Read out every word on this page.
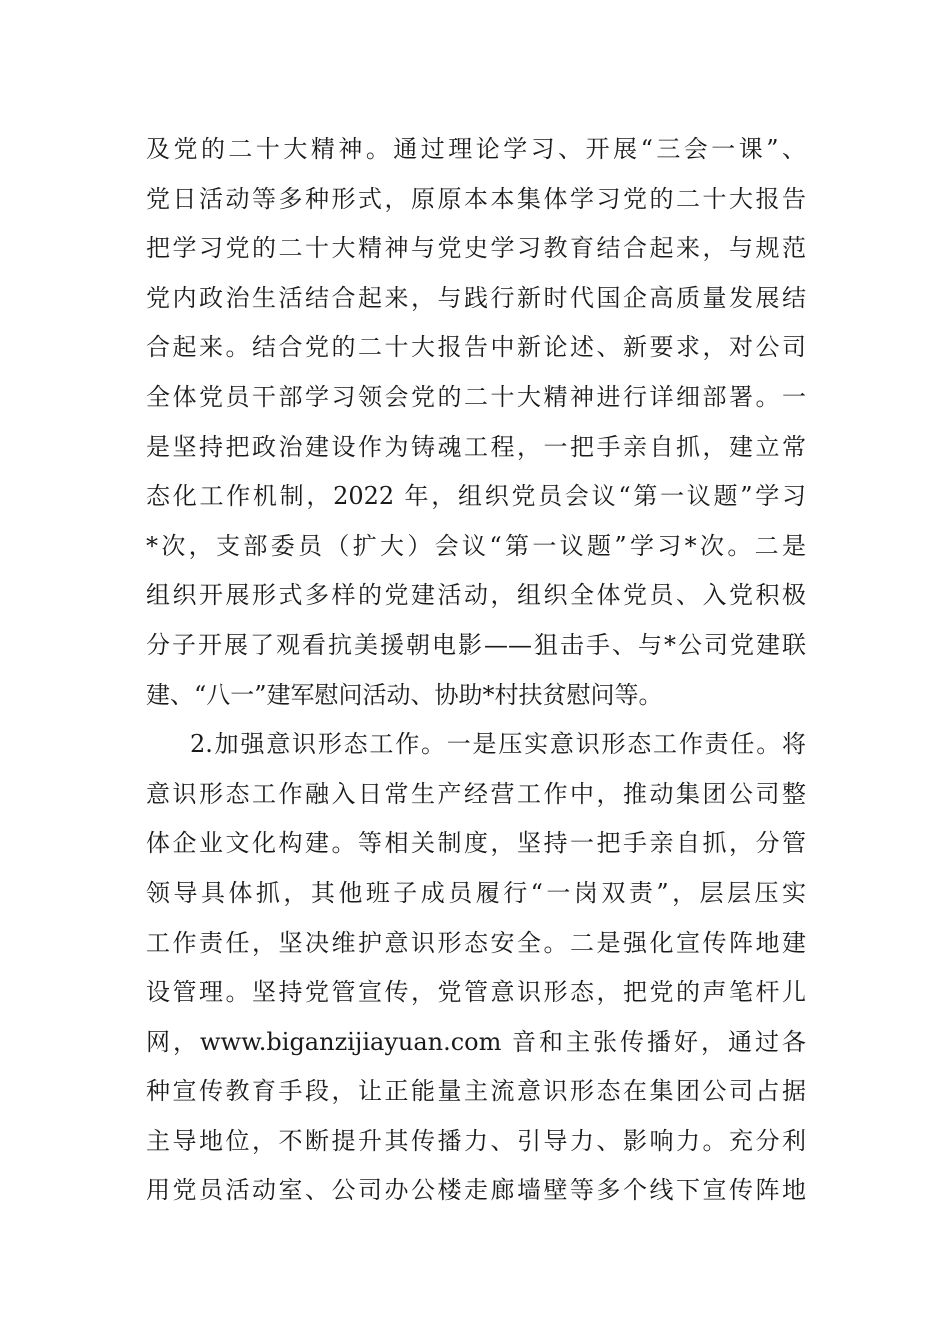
及党的二十大精神。通过理论学习、开展“三会一课”、
党日活动等多种形式，原原本本集体学习党的二十大报告
把学习党的二十大精神与党史学习教育结合起来，与规范
党内政治生活结合起来，与践行新时代国企高质量发展结
合起来。结合党的二十大报告中新论述、新要求，对公司
全体党员干部学习领会党的二十大精神进行详细部署。一
是坚持把政治建设作为铸魂工程，一把手亲自抓，建立常
态化工作机制，2022 年，组织党员会议“第一议题”学习
*次，支部委员（扩大）会议“第一议题”学习*次。二是
组织开展形式多样的党建活动，组织全体党员、入党积极
分子开展了观看抗美援朝电影——狙击手、与*公司党建联
建、“八一”建军慰问活动、协助*村扶贫慰问等。
2.加强意识形态工作。一是压实意识形态工作责任。将
意识形态工作融入日常生产经营工作中，推动集团公司整
体企业文化构建。等相关制度，坚持一把手亲自抓，分管
领导具体抓，其他班子成员履行“一岗双责”，层层压实
工作责任，坚决维护意识形态安全。二是强化宣传阵地建
设管理。坚持党管宣传，党管意识形态，把党的声笔杆儿
网，www.biganzijiayuan.com 音和主张传播好，通过各
种宣传教育手段，让正能量主流意识形态在集团公司占据
主导地位，不断提升其传播力、引导力、影响力。充分利
用党员活动室、公司办公楼走廊墙壁等多个线下宣传阵地
